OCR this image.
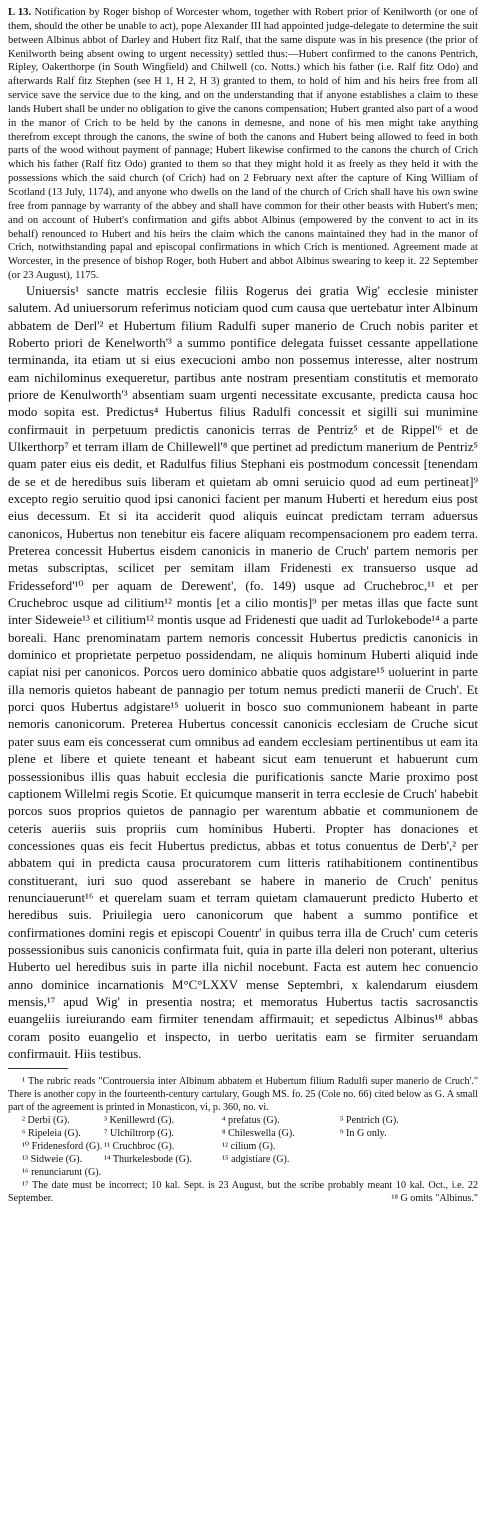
L 13. Notification by Roger bishop of Worcester whom, together with Robert prior of Kenilworth (or one of them, should the other be unable to act), pope Alexander III had appointed judge-delegate to determine the suit between Albinus abbot of Darley and Hubert fitz Ralf, that the same dispute was in his presence (the prior of Kenilworth being absent owing to urgent necessity) settled thus:—Hubert confirmed to the canons Pentrich, Ripley, Oakerthorpe (in South Wingfield) and Chilwell (co. Notts.) which his father (i.e. Ralf fitz Odo) and afterwards Ralf fitz Stephen (see H 1, H 2, H 3) granted to them, to hold of him and his heirs free from all service save the service due to the king, and on the understanding that if anyone establishes a claim to these lands Hubert shall be under no obligation to give the canons compensation; Hubert granted also part of a wood in the manor of Crich to be held by the canons in demesne, and none of his men might take anything therefrom except through the canons, the swine of both the canons and Hubert being allowed to feed in both parts of the wood without payment of pannage; Hubert likewise confirmed to the canons the church of Crich which his father (Ralf fitz Odo) granted to them so that they might hold it as freely as they held it with the possessions which the said church (of Crich) had on 2 February next after the capture of King William of Scotland (13 July, 1174), and anyone who dwells on the land of the church of Crich shall have his own swine free from pannage by warranty of the abbey and shall have common for their other beasts with Hubert's men; and on account of Hubert's confirmation and gifts abbot Albinus (empowered by the convent to act in its behalf) renounced to Hubert and his heirs the claim which the canons maintained they had in the manor of Crich, notwithstanding papal and episcopal confirmations in which Crich is mentioned. Agreement made at Worcester, in the presence of bishop Roger, both Hubert and abbot Albinus swearing to keep it. 22 September (or 23 August), 1175.

Uniuersis¹ sancte matris ecclesie filiis Rogerus dei gratia Wig' ecclesie minister salutem. Ad uniuersorum referimus noticiam quod cum causa que uertebatur inter Albinum abbatem de Derl'² et Hubertum filium Radulfi super manerio de Cruch nobis pariter et Roberto priori de Kenelworth'³ a summo pontifice delegata fuisset cessante appellatione terminanda, ita etiam ut si eius execucioni ambo non possemus interesse, alter nostrum eam nichilominus exequeretur, partibus ante nostram presentiam constitutis et memorato priore de Kenulworth'³ absentiam suam urgenti necessitate excusante, predicta causa hoc modo sopita est. Predictus⁴ Hubertus filius Radulfi concessit et sigilli sui munimine confirmauit in perpetuum predictis canonicis terras de Pentriz⁵ et de Rippel'⁶ et de Ulkerthorp⁷ et terram illam de Chillewell'⁸ que pertinet ad predictum manerium de Pentriz⁵ quam pater eius eis dedit, et Radulfus filius Stephani eis postmodum concessit [tenendam de se et de heredibus suis liberam et quietam ab omni seruicio quod ad eum pertineat]⁹ excepto regio seruitio quod ipsi canonici facient per manum Huberti et heredum eius post eius decessum. Et si ita acciderit quod aliquis euincat predictam terram aduersus canonicos, Hubertus non tenebitur eis facere aliquam recompensacionem pro eadem terra. Preterea concessit Hubertus eisdem canonicis in manerio de Cruch' partem nemoris per metas subscriptas, scilicet per semitam illam Fridenesti ex transuerso usque ad Fridesseford'¹⁰ per aquam de Derewent', (fo. 149) usque ad Cruchebroc,¹¹ et per Cruchebroc usque ad cilitium¹² montis [et a cilio montis]⁹ per metas illas que facte sunt inter Sideweie¹³ et cilitium¹² montis usque ad Fridenesti que uadit ad Turlokebode¹⁴ a parte boreali. Hanc prenominatam partem nemoris concessit Hubertus predictis canonicis in dominico et proprietate perpetuo possidendam, ne aliquis hominum Huberti aliquid inde capiat nisi per canonicos. Porcos uero dominico abbatie quos adgistare¹⁵ uoluerint in parte illa nemoris quietos habeant de pannagio per totum nemus predicti manerii de Cruch'. Et porci quos Hubertus adgistare¹⁵ uoluerit in bosco suo communionem habeant in parte nemoris canonicorum. Preterea Hubertus concessit canonicis ecclesiam de Cruche sicut pater suus eam eis concesserat cum omnibus ad eandem ecclesiam pertinentibus ut eam ita plene et libere et quiete teneant et habeant sicut eam tenuerunt et habuerunt cum possessionibus illis quas habuit ecclesia die purificationis sancte Marie proximo post captionem Willelmi regis Scotie. Et quicumque manserit in terra ecclesie de Cruch' habebit porcos suos proprios quietos de pannagio per warentum abbatie et communionem de ceteris aueriis suis propriis cum hominibus Huberti. Propter has donaciones et concessiones quas eis fecit Hubertus predictus, abbas et totus conuentus de Derb',² per abbatem qui in predicta causa procuratorem cum litteris ratihabitionem continentibus constituerant, iuri suo quod asserebant se habere in manerio de Cruch' penitus renunciauerunt¹⁶ et querelam suam et terram quietam clamauerunt predicto Huberto et heredibus suis. Priuilegia uero canonicorum que habent a summo pontifice et confirmationes domini regis et episcopi Couentr' in quibus terra illa de Cruch' cum ceteris possessionibus suis canonicis confirmata fuit, quia in parte illa deleri non poterant, ulterius Huberto uel heredibus suis in parte illa nichil nocebunt. Facta est autem hec conuencio anno dominice incarnationis M°C°LXXV mense Septembri, x kalendarum eiusdem mensis,¹⁷ apud Wig' in presentia nostra; et memoratus Hubertus tactis sacrosanctis euangeliis iureiurando eam firmiter tenendam affirmauit; et sepedictus Albinus¹⁸ abbas coram posito euangelio et inspecto, in uerbo ueritatis eam se firmiter seruandam confirmauit. Hiis testibus.

¹ The rubric reads "Controuersia inter Albinum abbatem et Hubertum filium Radulfi super manerio de Cruch'." There is another copy in the fourteenth-century cartulary, Gough MS. fo. 25 (Cole no. 66) cited below as G. A small part of the agreement is printed in Monasticon, vi, p. 360, no. vi.

² Derbi (G).	³ Kenillewrd (G).	⁴ prefatus (G).	⁵ Pentrich (G).
⁶ Ripeleia (G).	⁷ Ulchiltrorp (G).	⁸ Chileswella (G).	⁹ In G only.
¹⁰ Fridenesford (G). ¹¹ Cruchbroc (G).	¹² cilium (G).
¹³ Sidweie (G).	¹⁴ Thurkelesbode (G).	¹⁵ adgistiare (G).
¹⁶ renunciarunt (G).

¹⁷ The date must be incorrect; 10 kal. Sept. is 23 August, but the scribe probably meant 10 kal. Oct., i.e. 22 September.	¹⁸ G omits "Albinus."
